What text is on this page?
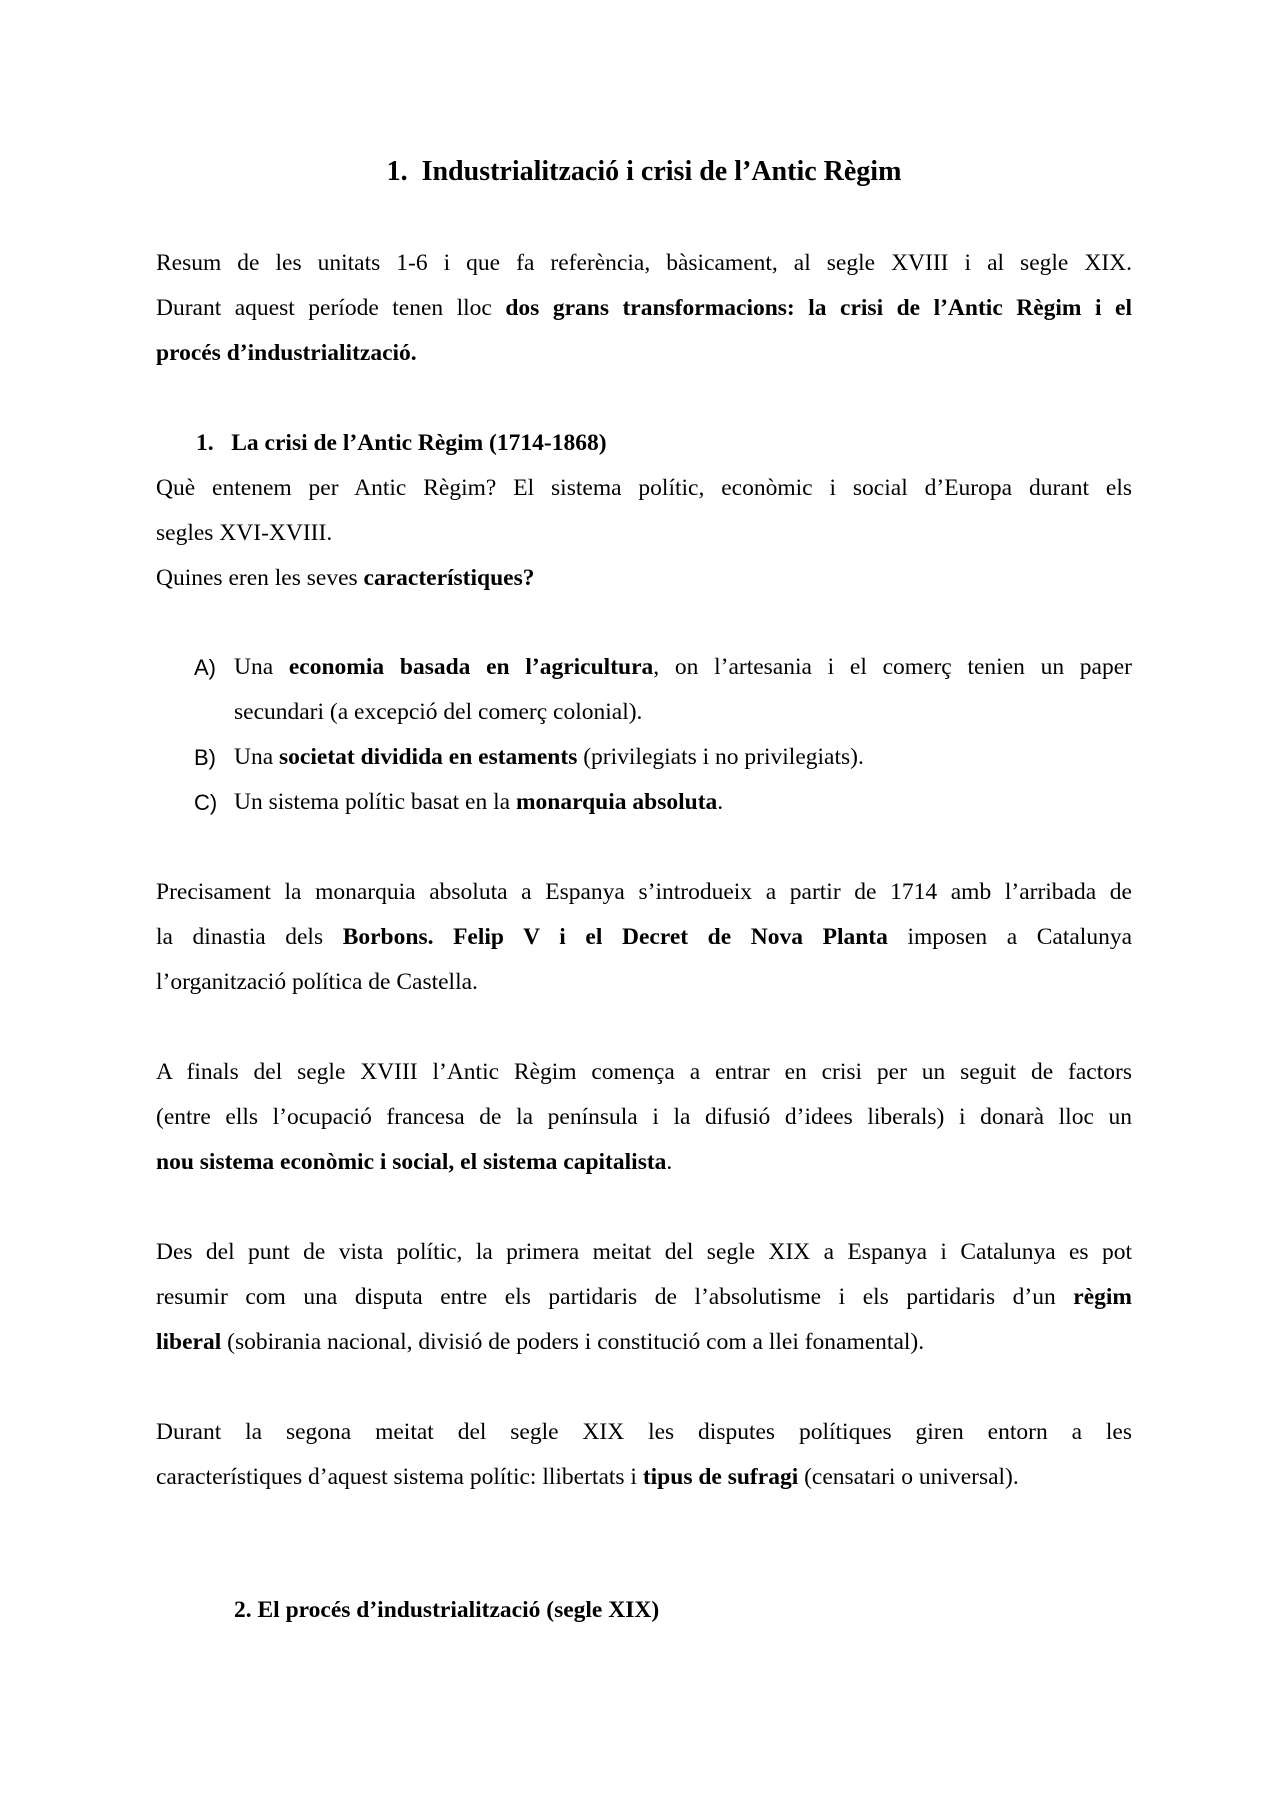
1. Industrialització i crisi de l’Antic Règim
Resum de les unitats 1-6 i que fa referència, bàsicament, al segle XVIII i al segle XIX.
Durant aquest període tenen lloc dos grans transformacions: la crisi de l’Antic Règim i el
procés d’industrialització.
1. La crisi de l’Antic Règim (1714-1868)
Què entenem per Antic Règim? El sistema polític, econòmic i social d’Europa durant els
segles XVI-XVIII.
Quines eren les seves característiques?
A) Una economia basada en l’agricultura, on l’artesania i el comerç tenien un paper
secundari (a excepció del comerç colonial).
B) Una societat dividida en estaments (privilegiats i no privilegiats).
C) Un sistema polític basat en la monarquia absoluta.
Precisament la monarquia absoluta a Espanya s’introdueix a partir de 1714 amb l’arribada de
la dinastia dels Borbons. Felip V i el Decret de Nova Planta imposen a Catalunya
l’organització política de Castella.
A finals del segle XVIII l’Antic Règim comença a entrar en crisi per un seguit de factors
(entre ells l’ocupació francesa de la península i la difusió d’idees liberals) i donarà lloc un
nou sistema econòmic i social, el sistema capitalista.
Des del punt de vista polític, la primera meitat del segle XIX a Espanya i Catalunya es pot
resumir com una disputa entre els partidaris de l’absolutisme i els partidaris d’un règim
liberal (sobirania nacional, divisió de poders i constitució com a llei fonamental).
Durant la segona meitat del segle XIX les disputes polítiques giren entorn a les
característiques d’aquest sistema polític: llibertats i tipus de sufragi (censatari o universal).
2. El procés d’industrialització (segle XIX)
